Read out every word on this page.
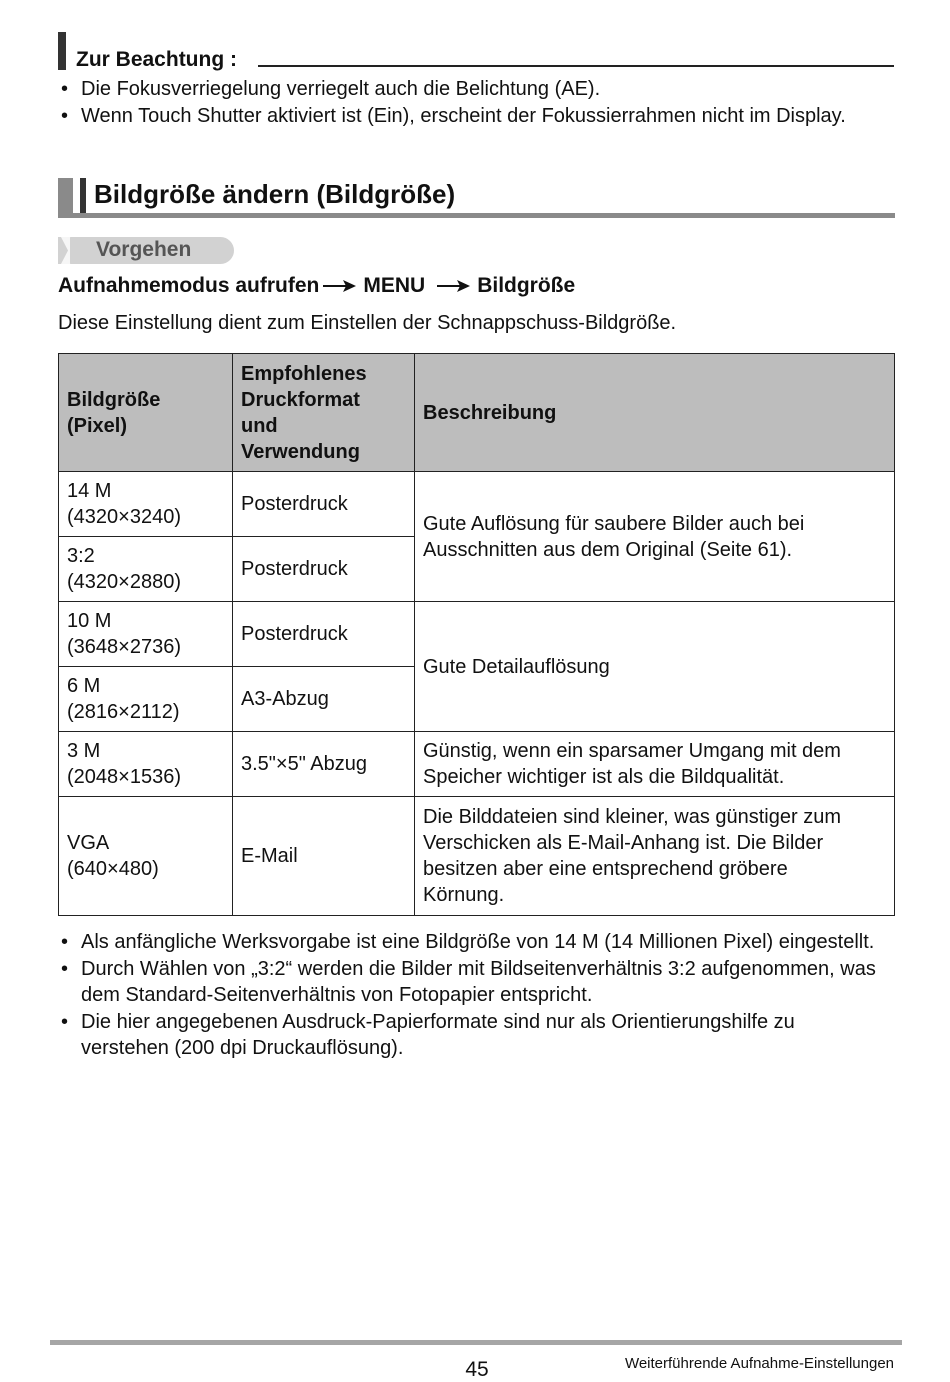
Zur Beachtung :
• Die Fokusverriegelung verriegelt auch die Belichtung (AE).
• Wenn Touch Shutter aktiviert ist (Ein), erscheint der Fokussierrahmen nicht im Display.
Bildgröße ändern (Bildgröße)
Vorgehen
Aufnahmemodus aufrufen MENU Bildgröße
Diese Einstellung dient zum Einstellen der Schnappschuss-Bildgröße.
Bildgröße
(Pixel)	Empfohlenes
Druckformat
und
Verwendung	Beschreibung

14 M
(4320×3240)	Posterdruck	Gute Auflösung für saubere Bilder auch bei
Ausschnitten aus dem Original (Seite 61).

3:2
(4320×2880)	Posterdruck	

10 M
(3648×2736)	Posterdruck	Gute Detailauflösung

6 M
(2816×2112)	A3-Abzug	

3 M
(2048×1536)	3.5"×5" Abzug	Günstig, wenn ein sparsamer Umgang mit dem
Speicher wichtiger ist als die Bildqualität.

VGA
(640×480)	E-Mail	Die Bilddateien sind kleiner, was günstiger zum
Verschicken als E-Mail-Anhang ist. Die Bilder
besitzen aber eine entsprechend gröbere
Körnung.
• Als anfängliche Werksvorgabe ist eine Bildgröße von 14 M (14 Millionen Pixel) eingestellt.
• Durch Wählen von „3:2“ werden die Bilder mit Bildseitenverhältnis 3:2 aufgenommen, was dem Standard-Seitenverhältnis von Fotopapier entspricht.
• Die hier angegebenen Ausdruck-Papierformate sind nur als Orientierungshilfe zu verstehen (200 dpi Druckauflösung).
45	Weiterführende Aufnahme-Einstellungen
